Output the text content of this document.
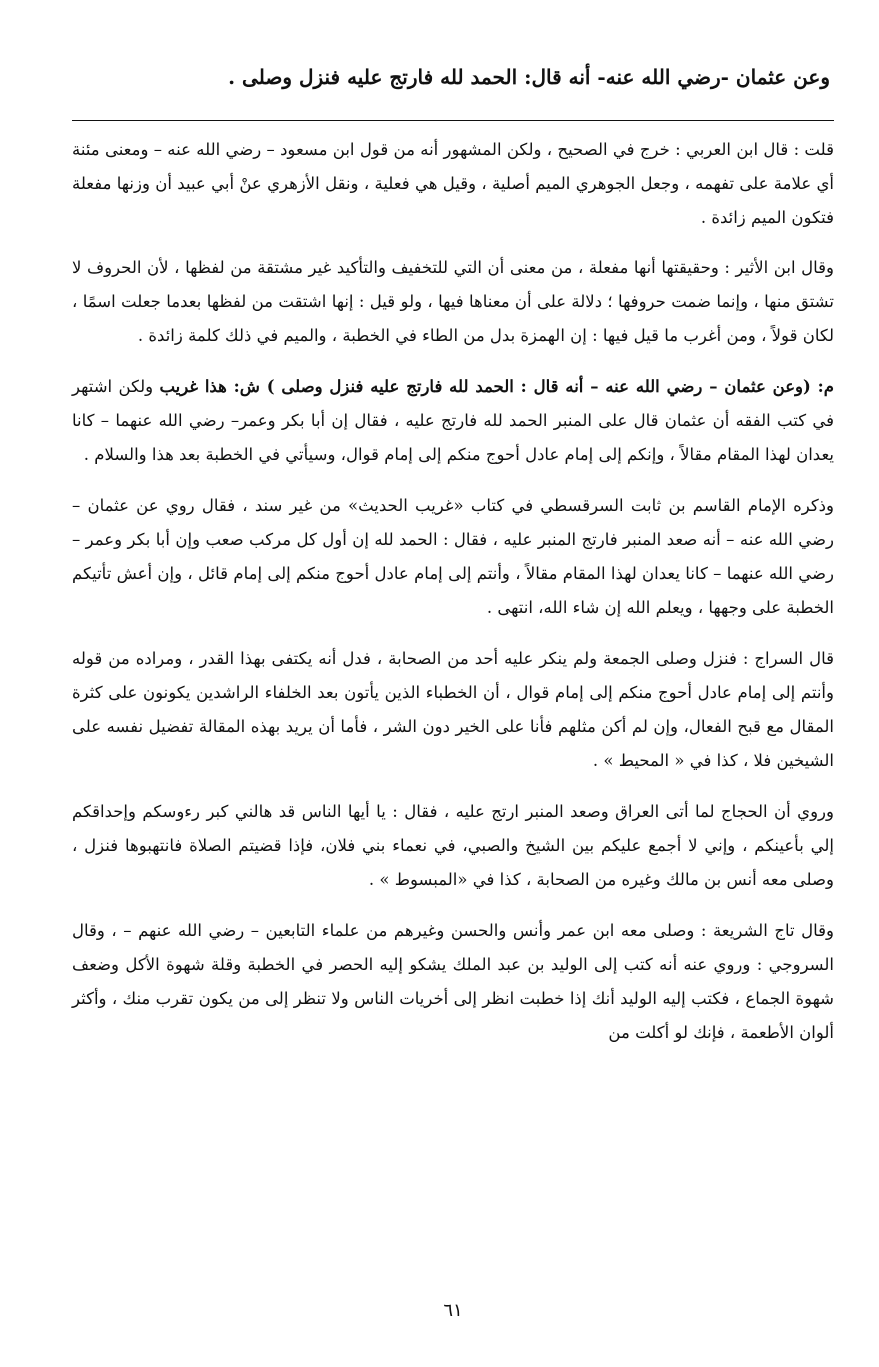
وعن عثمان -رضي الله عنه- أنه قال: الحمد لله فارتج عليه فنزل وصلى .

قلت : قال ابن العربي : خرج في الصحيح ، ولكن المشهور أنه من قول ابن مسعود – رضي الله عنه – ومعنى مئنة أي علامة على تفهمه ، وجعل الجوهري الميم أصلية ، وقيل هي فعلية ، ونقل الأزهري عنْ أبي عبيد أن وزنها مفعلة فتكون الميم زائدة .

وقال ابن الأثير : وحقيقتها أنها مفعلة ، من معنى أن التي للتخفيف والتأكيد غير مشتقة من لفظها ، لأن الحروف لا تشتق منها ، وإنما ضمت حروفها ؛ دلالة على أن معناها فيها ، ولو قيل : إنها اشتقت من لفظها بعدما جعلت اسمًا ، لكان قولاً ، ومن أغرب ما قيل فيها : إن الهمزة بدل من الطاء في الخطبة ، والميم في ذلك كلمة زائدة .

م: (وعن عثمان – رضي الله عنه – أنه قال : الحمد لله فارتج عليه فنزل وصلى ) ش: هذا غريب ولكن اشتهر في كتب الفقه أن عثمان قال على المنبر الحمد لله فارتج عليه ، فقال إن أبا بكر وعمر– رضي الله عنهما – كانا يعدان لهذا المقام مقالاً ، وإنكم إلى إمام عادل أحوج منكم إلى إمام قوال، وسيأتي في الخطبة بعد هذا والسلام .

وذكره الإمام القاسم بن ثابت السرقسطي في كتاب «غريب الحديث» من غير سند ، فقال روي عن عثمان – رضي الله عنه – أنه صعد المنبر فارتج المنبر عليه ، فقال : الحمد لله إن أول كل مركب صعب وإن أبا بكر وعمر – رضي الله عنهما – كانا يعدان لهذا المقام مقالاً ، وأنتم إلى إمام عادل أحوج منكم إلى إمام قائل ، وإن أعش تأتيكم الخطبة على وجهها ، ويعلم الله إن شاء الله، انتهى .

قال السراج : فنزل وصلى الجمعة ولم ينكر عليه أحد من الصحابة ، فدل أنه يكتفى بهذا القدر ، ومراده من قوله وأنتم إلى إمام عادل أحوج منكم إلى إمام قوال ، أن الخطباء الذين يأتون بعد الخلفاء الراشدين يكونون على كثرة المقال مع قبح الفعال، وإن لم أكن مثلهم فأنا على الخير دون الشر ، فأما أن يريد بهذه المقالة تفضيل نفسه على الشيخين فلا ، كذا في « المحيط » .

وروي أن الحجاج لما أتى العراق وصعد المنبر ارتج عليه ، فقال : يا أيها الناس قد هالني كبر رءوسكم وإحداقكم إلي بأعينكم ، وإني لا أجمع عليكم بين الشيخ والصبي، في نعماء بني فلان، فإذا قضيتم الصلاة فانتهبوها فنزل ، وصلى معه أنس بن مالك وغيره من الصحابة ، كذا في «المبسوط » .

وقال تاج الشريعة : وصلى معه ابن عمر وأنس والحسن وغيرهم من علماء التابعين – رضي الله عنهم – ، وقال السروجي : وروي عنه أنه كتب إلى الوليد بن عبد الملك يشكو إليه الحصر في الخطبة وقلة شهوة الأكل وضعف شهوة الجماع ، فكتب إليه الوليد أنك إذا خطبت انظر إلى أخريات الناس ولا تنظر إلى من يكون تقرب منك ، وأكثر ألوان الأطعمة ، فإنك لو أكلت من

٦١
